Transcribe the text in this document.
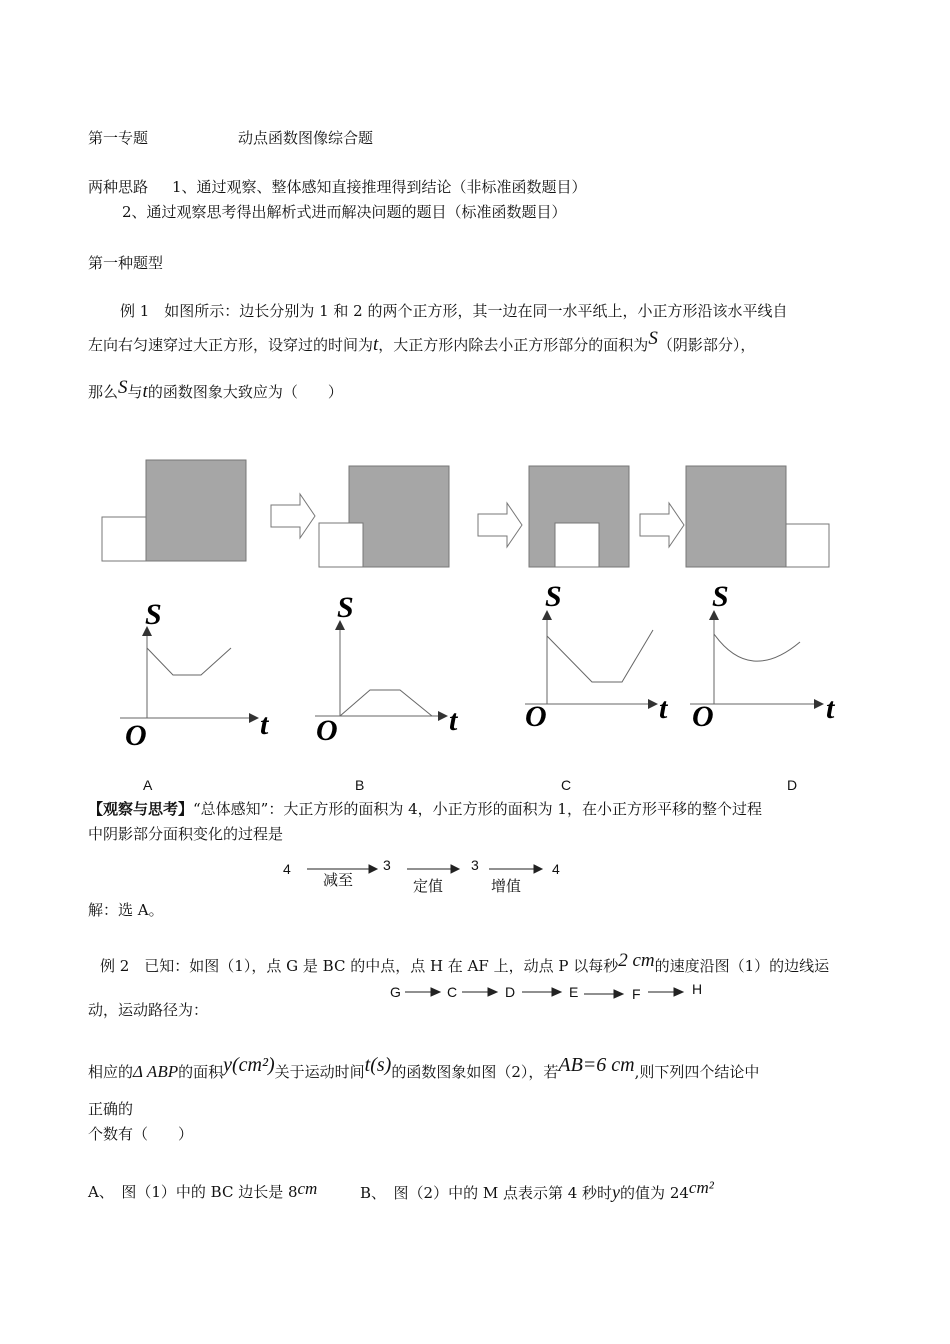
第一专题	动点函数图像综合题
两种思路 1、通过观察、整体感知直接推理得到结论（非标准函数题目）
2、通过观察思考得出解析式进而解决问题的题目（标准函数题目）
第一种题型
例 1　如图所示：边长分别为 1 和 2 的两个正方形，其一边在同一水平纸上，小正方形沿该水平线自
左向右匀速穿过大正方形，设穿过的时间为t，大正方形内除去小正方形部分的面积为S（阴影部分），
那么S与t的函数图象大致应为（　　）
S
t
O
S
t
O
S
t
O
S
t
O
A	B	C	D
【观察与思考】“总体感知”：大正方形的面积为 4，小正方形的面积为 1，在小正方形平移的整个过程
中阴影部分面积变化的过程是
4	3	3	4
减至	定值	增值
解：选 A。
例 2　已知：如图（1），点 G 是 BC 的中点，点 H 在 AF 上，动点 P 以每秒2 cm的速度沿图（1）的边线运
G	C	D	E	F	H
动，运动路径为：
相应的Δ ABP的面积y(cm²)关于运动时间t(s)的函数图象如图（2），若AB=6 cm,则下列四个结论中
正确的
个数有（　　）
A、　图（1）中的 BC 边长是 8cm	B、　图（2）中的 M 点表示第 4 秒时y的值为 24cm²
